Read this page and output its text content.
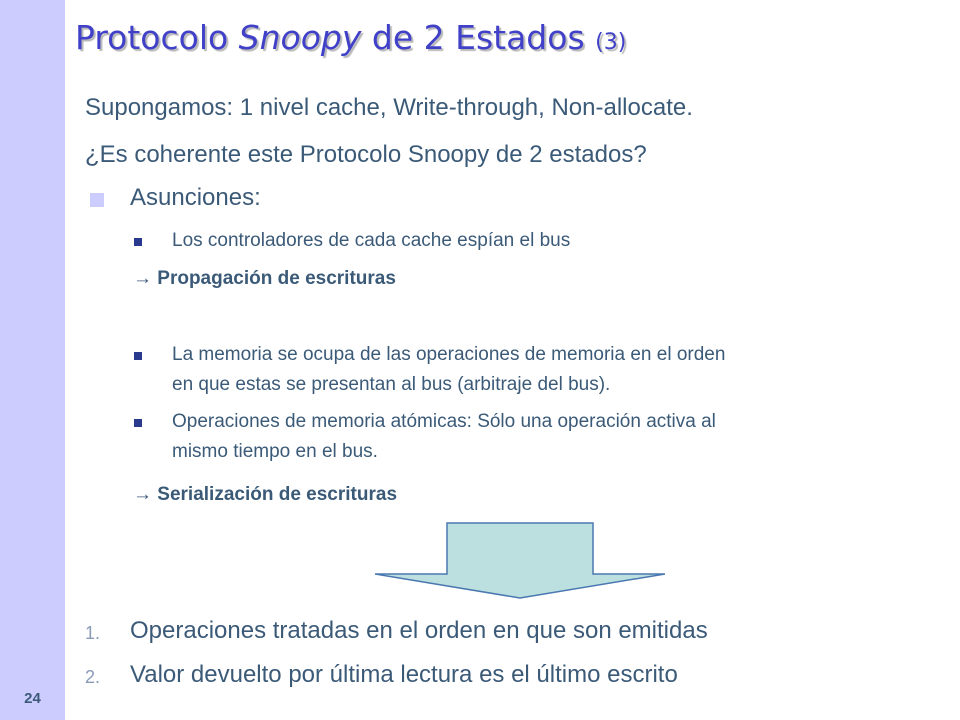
24
Protocolo Snoopy de 2 Estados (3)
Supongamos: 1 nivel cache, Write-through, Non-allocate.
¿Es coherente este Protocolo Snoopy de 2 estados?
Asunciones:
Los controladores de cada cache espían el bus
→ Propagación de escrituras
La memoria se ocupa de las operaciones de memoria en el orden
en que estas se presentan al bus (arbitraje del bus).
Operaciones de memoria atómicas: Sólo una operación activa al
mismo tiempo en el bus.
→ Serialización de escrituras
1. Operaciones tratadas en el orden en que son emitidas
2. Valor devuelto por última lectura es el último escrito
